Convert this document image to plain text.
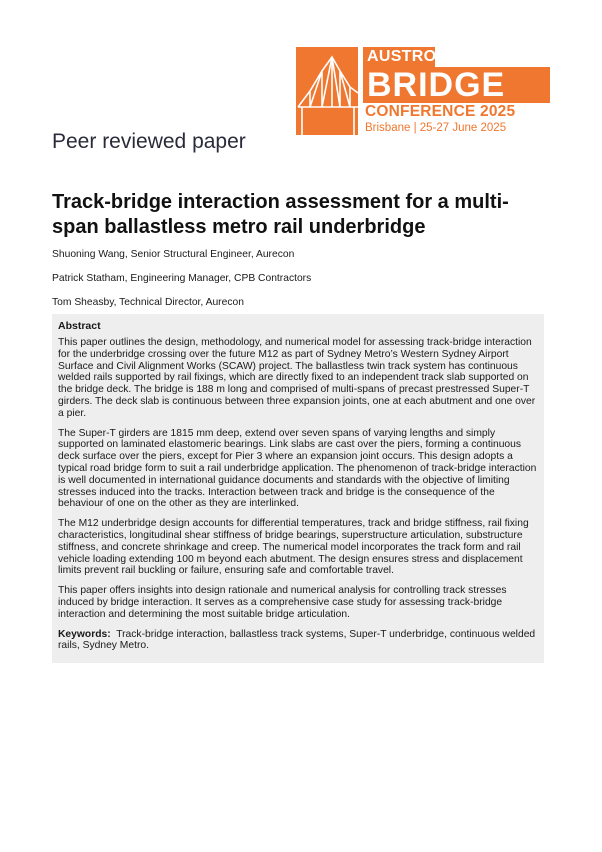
AUSTROADS
BRIDGE
CONFERENCE 2025
Brisbane | 25-27 June 2025
Peer reviewed paper
Track-bridge interaction assessment for a multi-span ballastless metro rail underbridge
Shuoning Wang, Senior Structural Engineer, Aurecon
Patrick Statham, Engineering Manager, CPB Contractors
Tom Sheasby, Technical Director, Aurecon
Abstract

This paper outlines the design, methodology, and numerical model for assessing track-bridge interaction for the underbridge crossing over the future M12 as part of Sydney Metro’s Western Sydney Airport Surface and Civil Alignment Works (SCAW) project. The ballastless twin track system has continuous welded rails supported by rail fixings, which are directly fixed to an independent track slab supported on the bridge deck. The bridge is 188 m long and comprised of multi-spans of precast prestressed Super-T girders. The deck slab is continuous between three expansion joints, one at each abutment and one over a pier.

The Super-T girders are 1815 mm deep, extend over seven spans of varying lengths and simply supported on laminated elastomeric bearings. Link slabs are cast over the piers, forming a continuous deck surface over the piers, except for Pier 3 where an expansion joint occurs. This design adopts a typical road bridge form to suit a rail underbridge application. The phenomenon of track-bridge interaction is well documented in international guidance documents and standards with the objective of limiting stresses induced into the tracks. Interaction between track and bridge is the consequence of the behaviour of one on the other as they are interlinked.

The M12 underbridge design accounts for differential temperatures, track and bridge stiffness, rail fixing characteristics, longitudinal shear stiffness of bridge bearings, superstructure articulation, substructure stiffness, and concrete shrinkage and creep. The numerical model incorporates the track form and rail vehicle loading extending 100 m beyond each abutment. The design ensures stress and displacement limits prevent rail buckling or failure, ensuring safe and comfortable travel.

This paper offers insights into design rationale and numerical analysis for controlling track stresses induced by bridge interaction. It serves as a comprehensive case study for assessing track-bridge interaction and determining the most suitable bridge articulation.

Keywords: Track-bridge interaction, ballastless track systems, Super-T underbridge, continuous welded rails, Sydney Metro.
